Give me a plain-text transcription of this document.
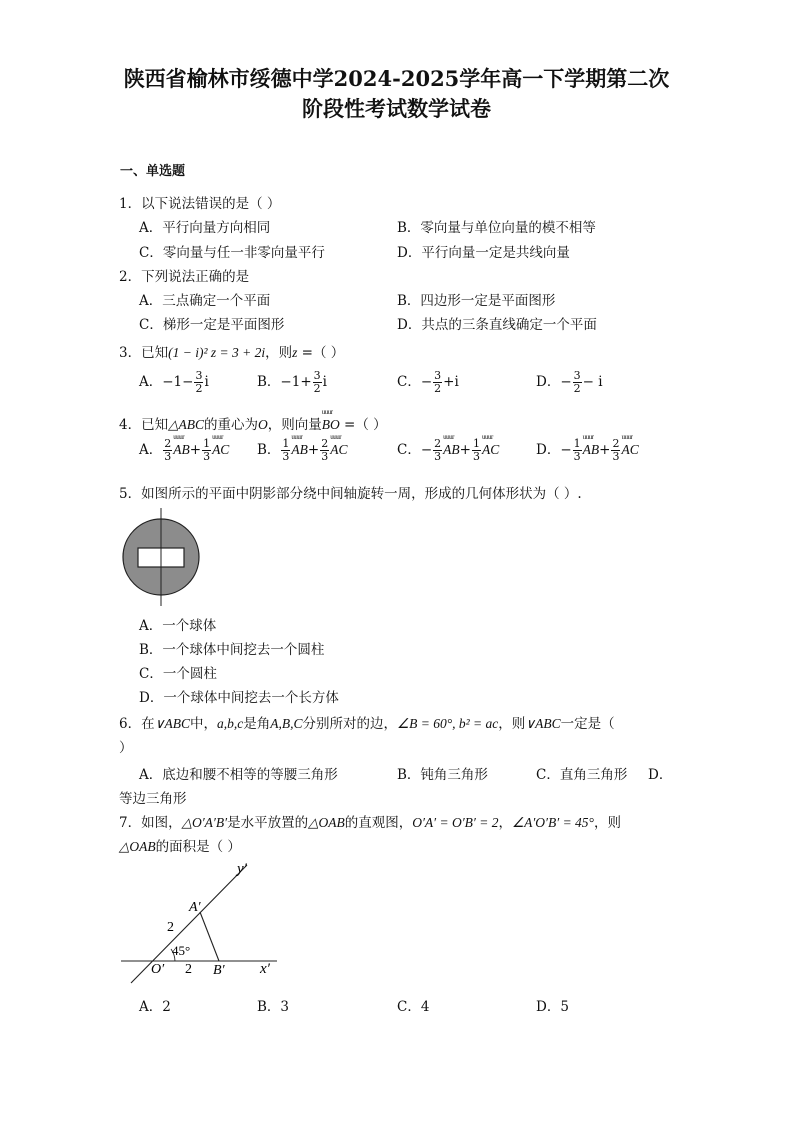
陕西省榆林市绥德中学2024-2025学年高一下学期第二次
阶段性考试数学试卷
一、单选题
1．以下说法错误的是（ ）
A．平行向量方向相同	B．零向量与单位向量的模不相等
C．零向量与任一非零向量平行	D．平行向量一定是共线向量
2．下列说法正确的是
A．三点确定一个平面	B．四边形一定是平面图形
C．梯形一定是平面图形	D．共点的三条直线确定一个平面
3．已知(1 − i)² z = 3 + 2i，则z =（ ）
A．$-1- \frac{3}{2}$ i	B．$-1+ \frac{3}{2}$ i	C．− $\frac{3}{2} +i$	D．− $\frac{3}{2} - i$
4．已知△ABC的重心为O，则向量uuur BO =（ ）
A． $\frac{2}{3}$ uuur $AB+ \frac{1}{3}$ uuur AC B． $\frac{1}{3}$ uuur $AB+ \frac{2}{3}$ uuur AC	C．− $\frac{2}{3}$ uuur $AB+ \frac{1}{3}$ uuur AC	D．− $\frac{1}{3}$ uuur $AB+ \frac{2}{3}$ uuur AC
5．如图所示的平面中阴影部分绕中间轴旋转一周，形成的几何体形状为（ ）.
A．一个球体
B．一个球体中间挖去一个圆柱
C．一个圆柱
D．一个球体中间挖去一个长方体
6．在∨ABC中，a,b,c是角A,B,C分别所对的边，∠B = 60°, b² = ac，则∨ABC一定是（
）
A．底边和腰不相等的等腰三角形	B．钝角三角形	C．直角三角形 D．
等边三角形
7．如图，△O′A′B′是水平放置的△OAB的直观图，O′A′ = O′B′ = 2，∠A′O′B′ = 45°，则
△OAB的面积是（ ）
y′
A′
2
45°
O′ 2 B′ x′
A．2	B．3	C．4	D．5
